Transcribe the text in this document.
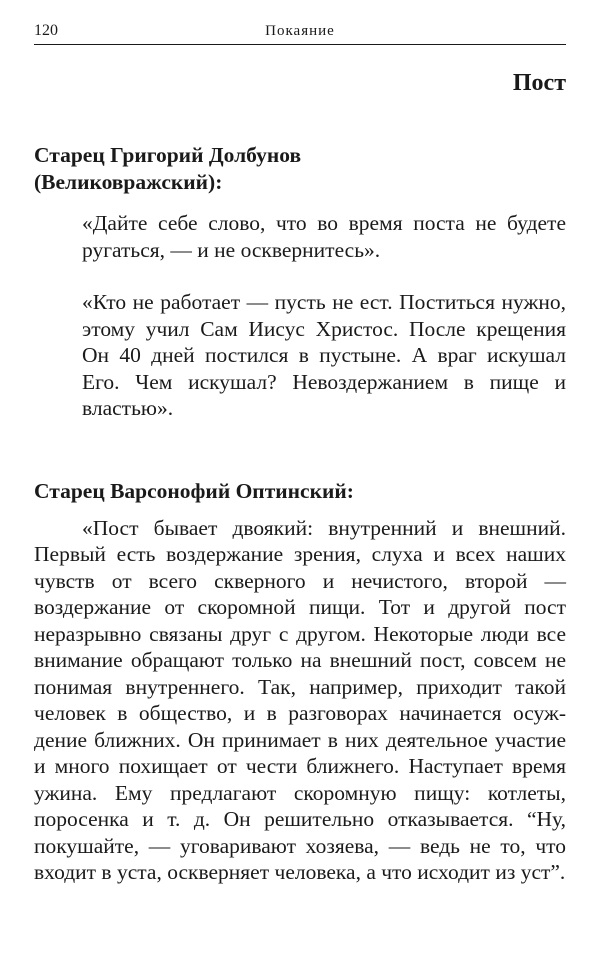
120	Покаяние
Пост

Старец Григорий Долбунов (Великовражский):

«Дайте себе слово, что во время поста не будете ругаться, — и не осквернитесь».

«Кто не работает — пусть не ест. Поститься нужно, этому учил Сам Иисус Христос. После крещения Он 40 дней постился в пустыне. А враг искушал Его. Чем искушал? Невоздержанием в пище и властью».

Старец Варсонофий Оптинский:

«Пост бывает двоякий: внутренний и внешний. Первый есть воздержание зрения, слуха и всех наших чувств от всего скверного и нечистого, второй — воздержание от скоромной пищи. Тот и другой пост неразрывно связаны друг с другом. Некоторые люди все внимание обращают только на внешний пост, совсем не понимая внутреннего. Так, например, приходит такой человек в общество, и в разговорах начинается осуждение ближних. Он принимает в них деятельное участие и много похищает от чести ближнего. Наступает время ужина. Ему предлагают скоромную пищу: котлеты, поросенка и т. д. Он решительно отказывается. “Ну, покушайте, — уговаривают хозяева, — ведь не то, что входит в уста, оскверняет человека, а что исходит из уст”.
